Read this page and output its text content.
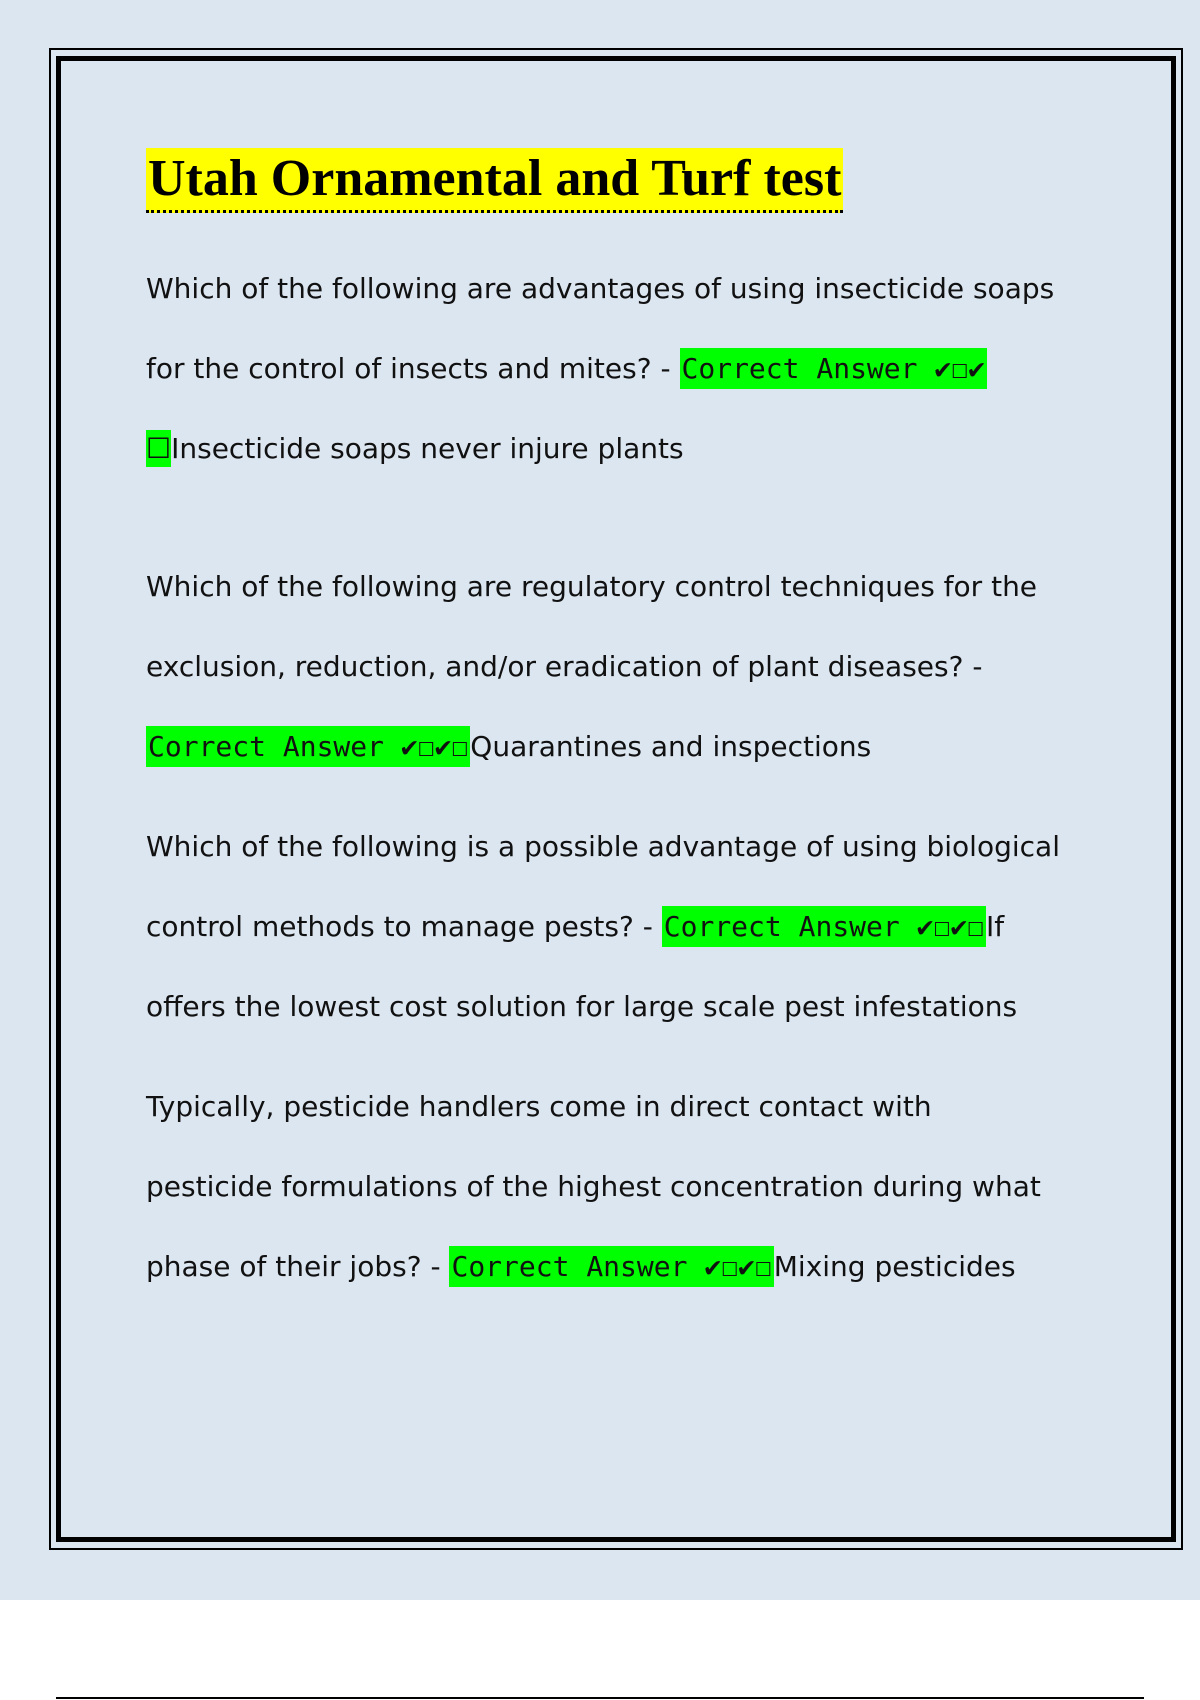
Utah Ornamental and Turf test

Which of the following are advantages of using insecticide soaps for the control of insects and mites? - Correct Answer ✔☐✔
☐Insecticide soaps never injure plants

Which of the following are regulatory control techniques for the exclusion, reduction, and/or eradication of plant diseases? - Correct Answer ✔☐✔☐Quarantines and inspections

Which of the following is a possible advantage of using biological control methods to manage pests? - Correct Answer ✔☐✔☐If offers the lowest cost solution for large scale pest infestations

Typically, pesticide handlers come in direct contact with pesticide formulations of the highest concentration during what phase of their jobs? - Correct Answer ✔☐✔☐Mixing pesticides
